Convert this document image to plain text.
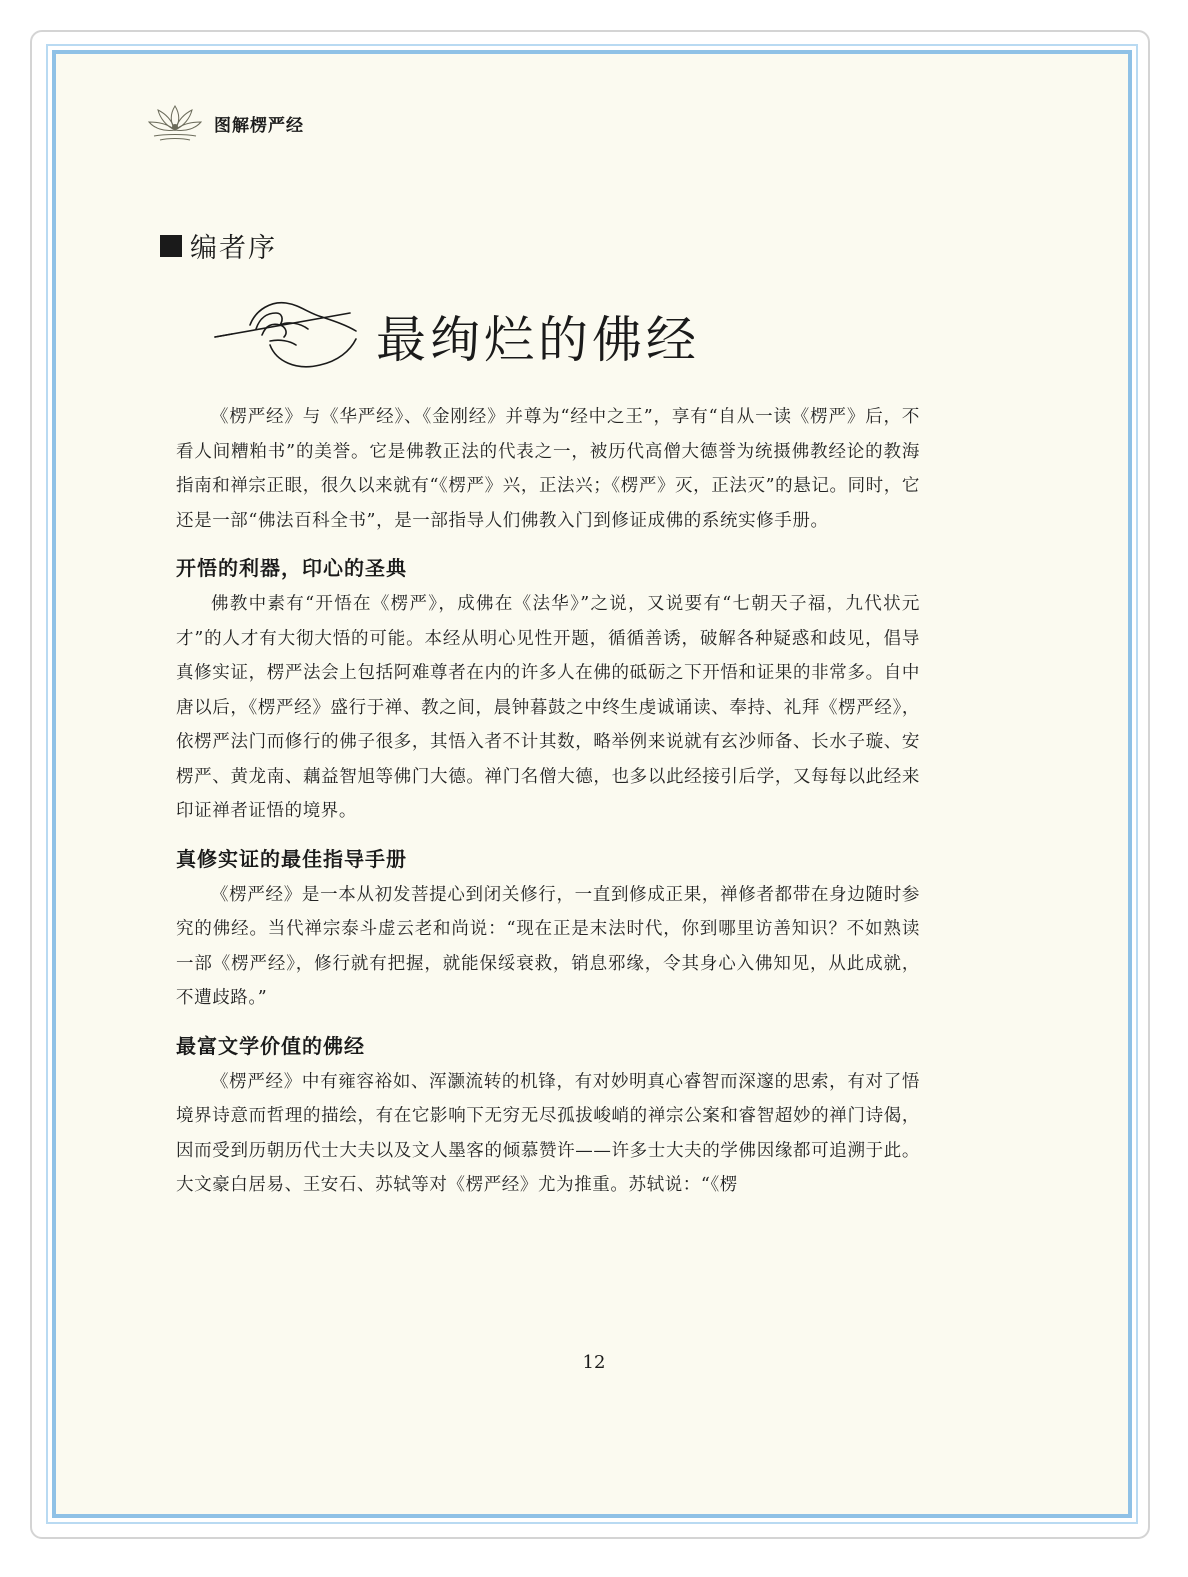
图解楞严经
编者序
最绚烂的佛经

《楞严经》与《华严经》、《金刚经》并尊为“经中之王”，享有“自从一读《楞严》后，不看人间糟粕书”的美誉。它是佛教正法的代表之一，被历代高僧大德誉为统摄佛教经论的教海指南和禅宗正眼，很久以来就有“《楞严》兴，正法兴；《楞严》灭，正法灭”的悬记。同时，它还是一部“佛法百科全书”，是一部指导人们佛教入门到修证成佛的系统实修手册。

开悟的利器，印心的圣典

佛教中素有“开悟在《楞严》，成佛在《法华》”之说，又说要有“七朝天子福，九代状元才”的人才有大彻大悟的可能。本经从明心见性开题，循循善诱，破解各种疑惑和歧见，倡导真修实证，楞严法会上包括阿难尊者在内的许多人在佛的砥砺之下开悟和证果的非常多。自中唐以后，《楞严经》盛行于禅、教之间，晨钟暮鼓之中终生虔诚诵读、奉持、礼拜《楞严经》，依楞严法门而修行的佛子很多，其悟入者不计其数，略举例来说就有玄沙师备、长水子璇、安楞严、黄龙南、藕益智旭等佛门大德。禅门名僧大德，也多以此经接引后学，又每每以此经来印证禅者证悟的境界。

真修实证的最佳指导手册

《楞严经》是一本从初发菩提心到闭关修行，一直到修成正果，禅修者都带在身边随时参究的佛经。当代禅宗泰斗虚云老和尚说：“现在正是末法时代，你到哪里访善知识？不如熟读一部《楞严经》，修行就有把握，就能保绥衰救，销息邪缘，令其身心入佛知见，从此成就，不遭歧路。”

最富文学价值的佛经

《楞严经》中有雍容裕如、浑灏流转的机锋，有对妙明真心睿智而深邃的思索，有对了悟境界诗意而哲理的描绘，有在它影响下无穷无尽孤拔峻峭的禅宗公案和睿智超妙的禅门诗偈，因而受到历朝历代士大夫以及文人墨客的倾慕赞许——许多士大夫的学佛因缘都可追溯于此。大文豪白居易、王安石、苏轼等对《楞严经》尤为推重。苏轼说：“《楞

12
